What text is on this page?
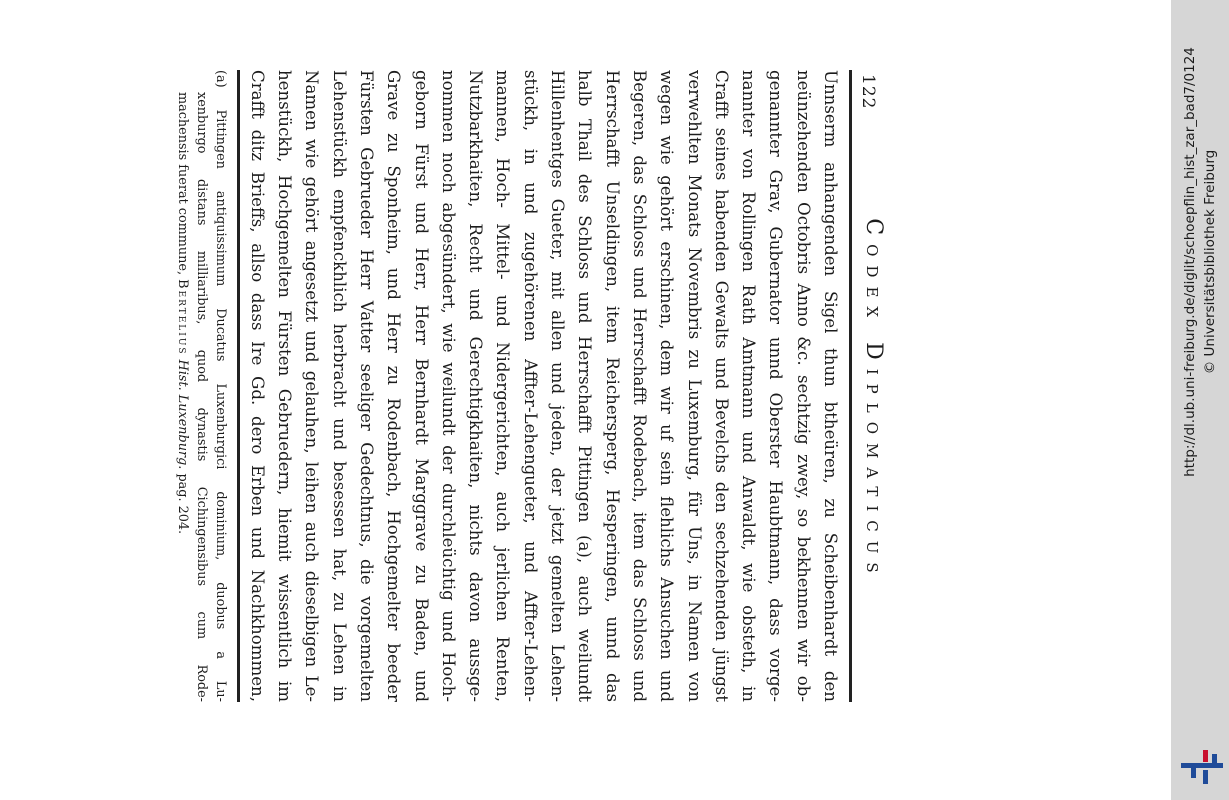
http://dl.ub.uni-freiburg.de/diglit/schoepflin_hist_zar_bad7/0124 © Universitätsbibliothek Freiburg
122
Codex Diplomaticus
Unnserm anhangenden Sigel thun btheüren, zu Scheibenhardt den
neünzehenden Octobris Anno &c. sechtzig zwey, so bekhennen wir ob-
genannter Grav, Gubernator unnd Oberster Haubtmann, dass vorge-
nannter von Rollingen Rath Amtmann und Anwaldt, wie obsteth, in
Crafft seines habenden Gewalts und Bevelchs den sechzehenden jüngst
verwehlten Monats Novembris zu Luxemburg, für Uns, in Namen von
wegen wie gehört erschinen, dem wir uf sein flehlichs Ansuchen und
Begeren, das Schloss und Herrschafft Rodebach, item das Schloss und
Herrschafft Unseldingen, item Reichersperg, Hesperingen, unnd das
halb Thail des Schloss und Herrschafft Pittingen (a), auch weilundt
Hillenhentges Gueter, mit allen und jeden, der jetzt gemelten Lehen-
stückh, in und zugehörenen Affter-Lehengueter, und Affter-Lehen-
mannen, Hoch- Mittel- und Nidergerichten, auch jerlichen Renten,
Nutzbarkhaiten, Recht und Gerechtigkhaiten, nichts davon aussge-
nommen noch abgesündert, wie weilundt der durchleüchtig und Hoch-
geborn Fürst und Herr, Herr Bernhardt Marggrave zu Baden, und
Grave zu Sponheim, und Herr zu Rodenbach, Hochgemelter beeder
Fürsten Gebrueder Herr Vatter seeliger Gedechtnus, die vorgemelten
Lehenstückh empfenckhlich herbracht und besessen hat, zu Lehen in
Namen wie gehört angesetzt und gelauhen, leihen auch dieselbigen Le-
henstückh, Hochgemelten Fürsten Gebruedern, hiemit wissentlich im
Crafft ditz Brieffs, allso dass Ire Gd. dero Erben und Nachkhommen,
(a) Pittingen antiquissimum Ducatus Luxenburgici dominium, duobus a Lu-
xenburgo distans milliaribus, quod dynastis Cichingensibus cum Rode-
machensis fuerat commune, Bertelius Hist. Luxenburg. pag. 204.
